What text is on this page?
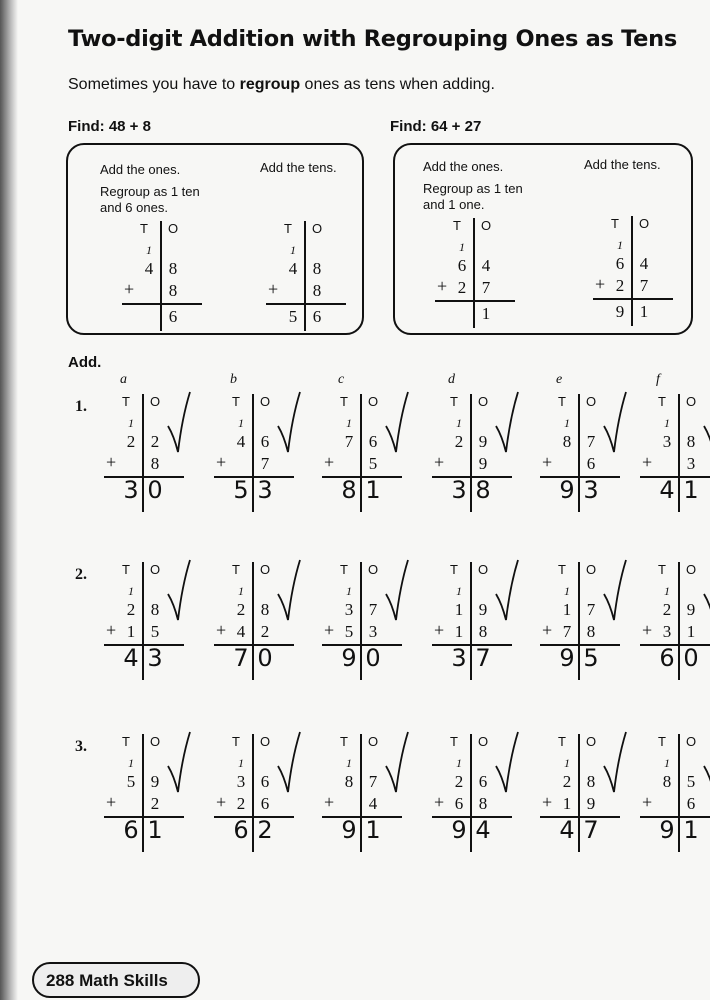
Two-digit Addition with Regrouping Ones as Tens
Sometimes you have to regroup ones as tens when adding.
Find: 48 + 8	Find: 64 + 27
Add the ones.
Regroup as 1 ten
and 6 ones.
Add the tens.
T O
1
4 8
+ 8
6
T O
1
4 8
+ 8
5 6
Add the ones.
Regroup as 1 ten
and 1 one.
Add the tens.
T O
1
6 4
+ 2 7
1
T O
1
6 4
+ 2 7
9 1
Add.
a	b	c	d	e	f
1.	T O
1
2 2
+ 8
3 0
T O
1
4 6
+ 7
5 3
T O
1
7 6
+ 5
8 1
T O
1
2 9
+ 9
3 8
T O
1
8 7
+ 6
9 3
T O
1
3 8
+ 3
4 1
2.	T O
1
2 8
+ 1 5
4 3
T O
1
2 8
+ 4 2
7 0
T O
1
3 7
+ 5 3
9 0
T O
1
1 9
+ 1 8
3 7
T O
1
1 7
+ 7 8
9 5
T O
1
2 9
+ 3 1
6 0
3.	T O
1
5 9
+ 2
6 1
T O
1
3 6
+ 2 6
6 2
T O
1
8 7
+ 4
9 1
T O
1
2 6
+ 6 8
9 4
T O
1
2 8
+ 1 9
4 7
T O
1
8 5
+ 6
9 1
288 Math Skills
